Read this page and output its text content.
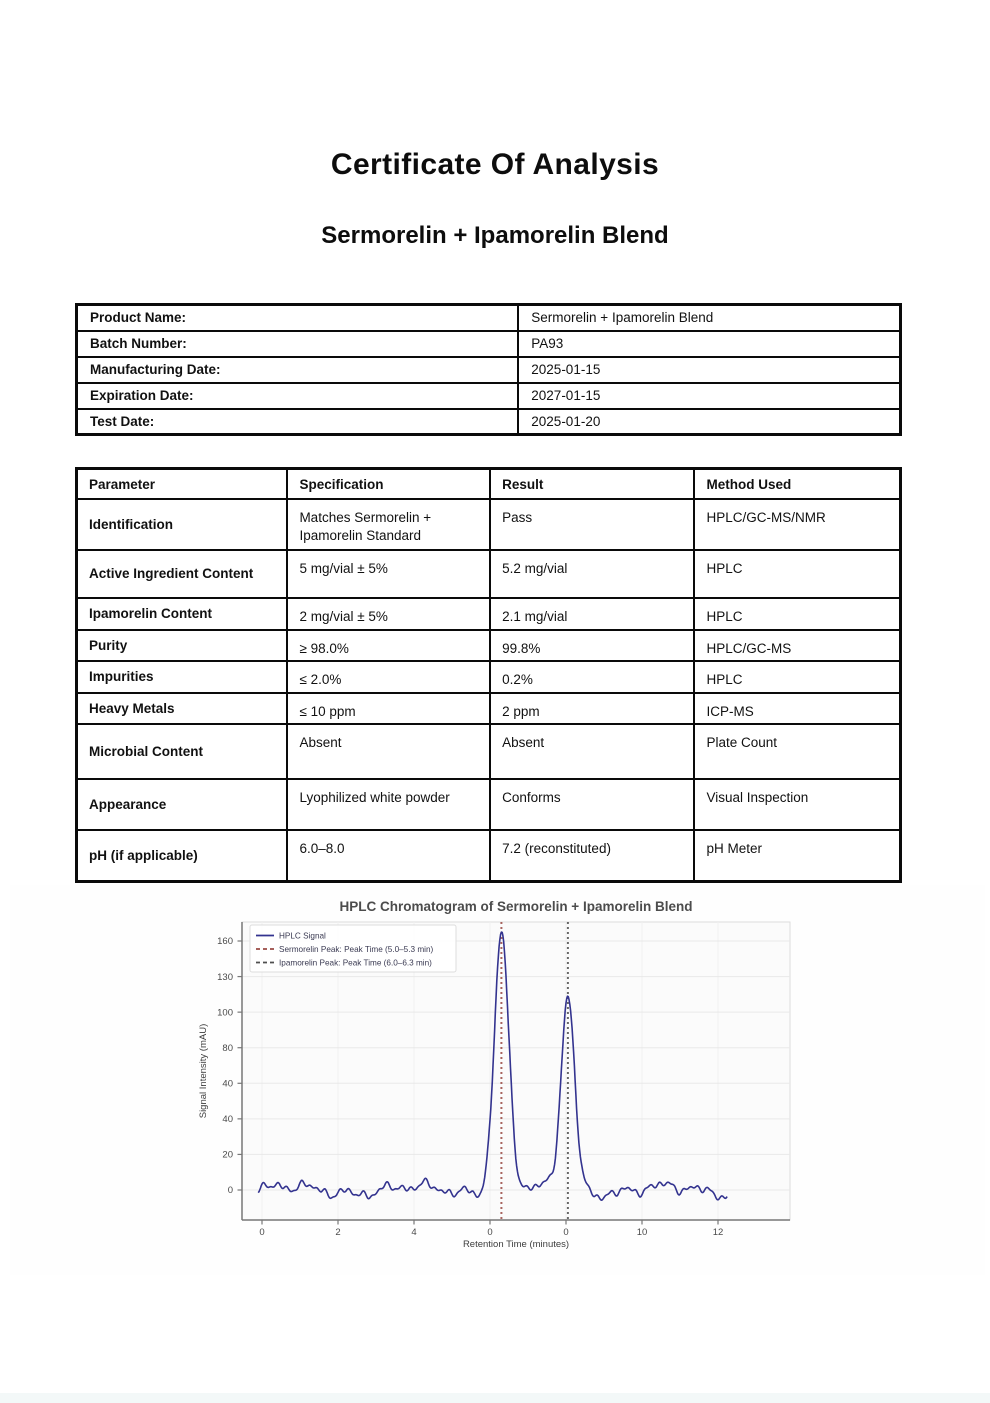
Certificate Of Analysis
Sermorelin + Ipamorelin Blend
Product Name:	Sermorelin + Ipamorelin Blend
Batch Number:	PA93
Manufacturing Date:	2025-01-15
Expiration Date:	2027-01-15
Test Date:	2025-01-20
Parameter	Specification	Result	Method Used
Identification	Matches Sermorelin + Ipamorelin Standard	Pass	HPLC/GC-MS/NMR
Active Ingredient Content	5 mg/vial ± 5%	5.2 mg/vial	HPLC
Ipamorelin Content	2 mg/vial ± 5%	2.1 mg/vial	HPLC
Purity	≥ 98.0%	99.8%	HPLC/GC-MS
Impurities	≤ 2.0%	0.2%	HPLC
Heavy Metals	≤ 10 ppm	2 ppm	ICP-MS
Microbial Content	Absent	Absent	Plate Count
Appearance	Lyophilized white powder	Conforms	Visual Inspection
pH (if applicable)	6.0–8.0	7.2 (reconstituted)	pH Meter
0	2	4	0	0	10	12
0
20
40
40
80
100
130
160
Retention Time (minutes)
Signal Intensity (mAU)
HPLC Chromatogram of Sermorelin + Ipamorelin Blend
HPLC Signal
Sermorelin Peak: Peak Time (5.0–5.3 min)
Ipamorelin Peak: Peak Time (6.0–6.3 min)
